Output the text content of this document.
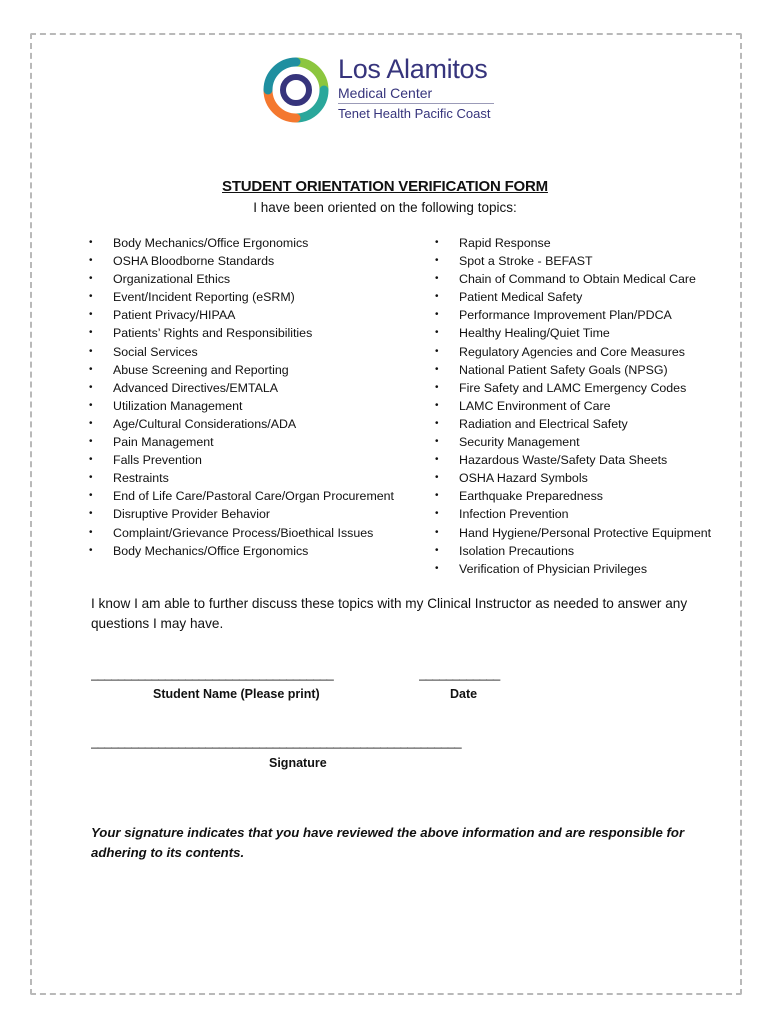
Los Alamitos
Medical Center
Tenet Health Pacific Coast
STUDENT ORIENTATION VERIFICATION FORM
I have been oriented on the following topics:
• Body Mechanics/Office Ergonomics
• OSHA Bloodborne Standards
• Organizational Ethics
• Event/Incident Reporting (eSRM)
• Patient Privacy/HIPAA
• Patients’ Rights and Responsibilities
• Social Services
• Abuse Screening and Reporting
• Advanced Directives/EMTALA
• Utilization Management
• Age/Cultural Considerations/ADA
• Pain Management
• Falls Prevention
• Restraints
• End of Life Care/Pastoral Care/Organ Procurement
• Disruptive Provider Behavior
• Complaint/Grievance Process/Bioethical Issues
• Body Mechanics/Office Ergonomics
• Rapid Response
• Spot a Stroke - BEFAST
• Chain of Command to Obtain Medical Care
• Patient Medical Safety
• Performance Improvement Plan/PDCA
• Healthy Healing/Quiet Time
• Regulatory Agencies and Core Measures
• National Patient Safety Goals (NPSG)
• Fire Safety and LAMC Emergency Codes
• LAMC Environment of Care
• Radiation and Electrical Safety
• Security Management
• Hazardous Waste/Safety Data Sheets
• OSHA Hazard Symbols
• Earthquake Preparedness
• Infection Prevention
• Hand Hygiene/Personal Protective Equipment
• Isolation Precautions
• Verification of Physician Privileges
I know I am able to further discuss these topics with my Clinical Instructor as needed to answer any questions I may have.
____________________________________	____________
Student Name (Please print)	Date
_______________________________________________________
Signature
Your signature indicates that you have reviewed the above information and are responsible for adhering to its contents.
